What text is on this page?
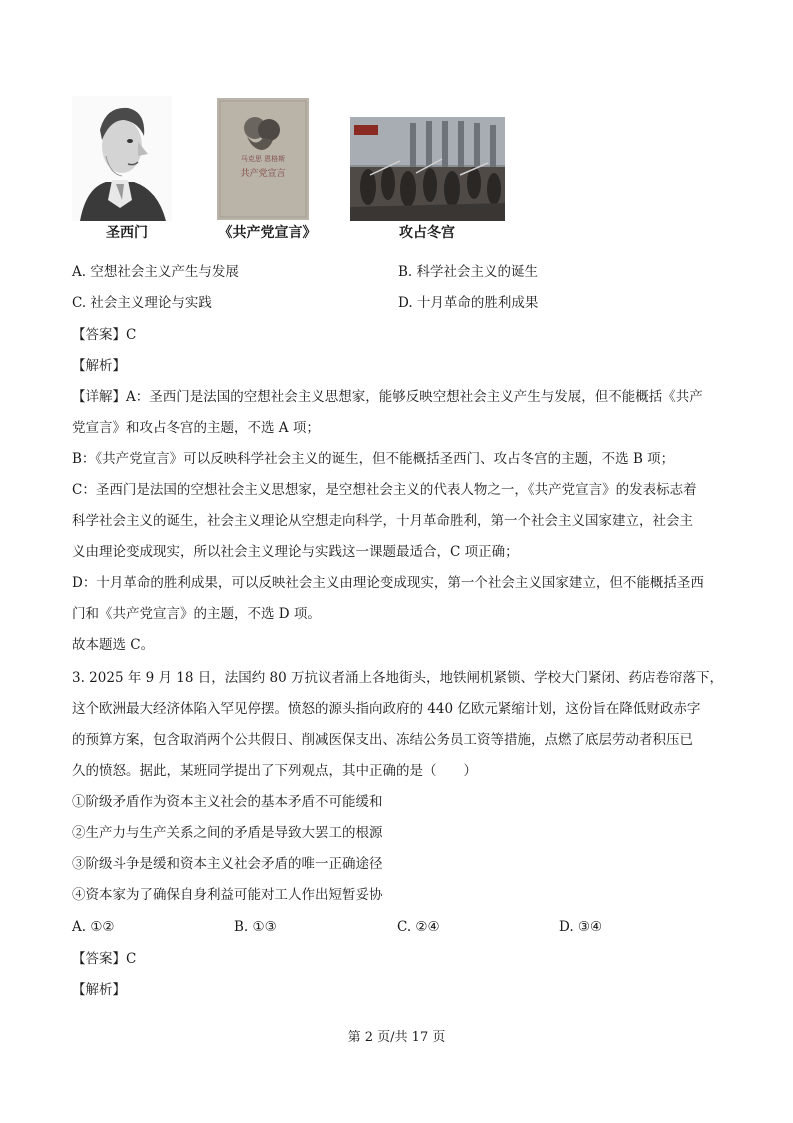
圣西门
马克思 恩格斯
共产党宣言
《共产党宣言》	攻占冬宫
A. 空想社会主义产生与发展	B. 科学社会主义的诞生
C. 社会主义理论与实践	D. 十月革命的胜利成果
【答案】C
【解析】
【详解】A：圣西门是法国的空想社会主义思想家，能够反映空想社会主义产生与发展，但不能概括《共产
党宣言》和攻占冬宫的主题，不选 A 项；
B：《共产党宣言》可以反映科学社会主义的诞生，但不能概括圣西门、攻占冬宫的主题，不选 B 项；
C：圣西门是法国的空想社会主义思想家，是空想社会主义的代表人物之一，《共产党宣言》的发表标志着
科学社会主义的诞生，社会主义理论从空想走向科学，十月革命胜利，第一个社会主义国家建立，社会主
义由理论变成现实，所以社会主义理论与实践这一课题最适合，C 项正确；
D：十月革命的胜利成果，可以反映社会主义由理论变成现实，第一个社会主义国家建立，但不能概括圣西
门和《共产党宣言》的主题，不选 D 项。
故本题选 C。
3. 2025 年 9 月 18 日，法国约 80 万抗议者涌上各地街头，地铁闸机紧锁、学校大门紧闭、药店卷帘落下，
这个欧洲最大经济体陷入罕见停摆。愤怒的源头指向政府的 440 亿欧元紧缩计划，这份旨在降低财政赤字
的预算方案，包含取消两个公共假日、削减医保支出、冻结公务员工资等措施，点燃了底层劳动者积压已
久的愤怒。据此，某班同学提出了下列观点，其中正确的是（　　）
①阶级矛盾作为资本主义社会的基本矛盾不可能缓和
②生产力与生产关系之间的矛盾是导致大罢工的根源
③阶级斗争是缓和资本主义社会矛盾的唯一正确途径
④资本家为了确保自身利益可能对工人作出短暂妥协
A. ①②	B. ①③	C. ②④	D. ③④
【答案】C
【解析】
第 2 页/共 17 页
